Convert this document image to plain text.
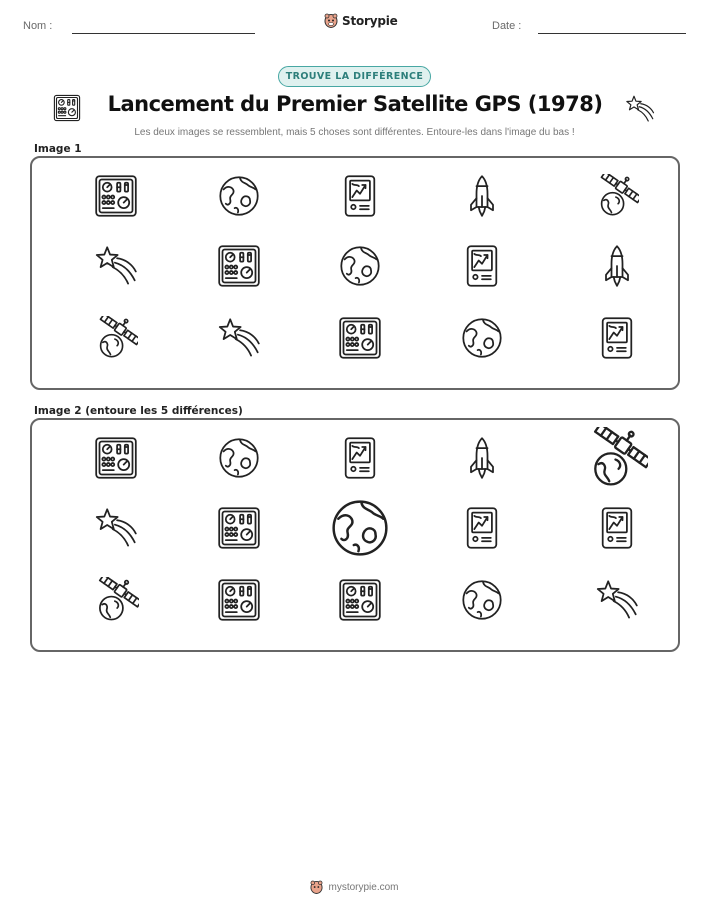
Nom :	Storypie	Date :
TROUVE LA DIFFÉRENCE
Lancement du Premier Satellite GPS (1978)
Les deux images se ressemblent, mais 5 choses sont différentes. Entoure-les dans l'image du bas !
Image 1
Image 2 (entoure les 5 différences)
mystorypie.com
